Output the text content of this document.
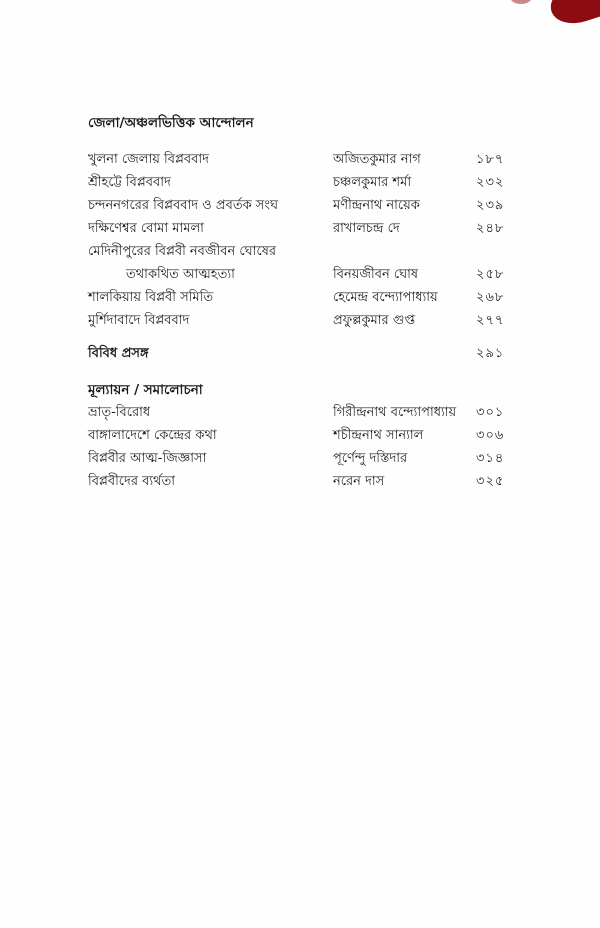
জেলা/অঞ্চলভিত্তিক আন্দোলন
খুলনা জেলায় বিপ্লববাদ	অজিতকুমার নাগ	১৮৭
শ্রীহট্টে বিপ্লববাদ	চঞ্চলকুমার শর্মা	২৩২
চন্দননগরের বিপ্লববাদ ও প্রবর্তক সংঘ	মণীন্দ্রনাথ নায়েক	২৩৯
দক্ষিণেশ্বর বোমা মামলা	রাখালচন্দ্র দে	২৪৮
মেদিনীপুরের বিপ্লবী নবজীবন ঘোষের
তথাকথিত আত্মহত্যা	বিনয়জীবন ঘোষ	২৫৮
শালকিয়ায় বিপ্লবী সমিতি	হেমেন্দ্র বন্দ্যোপাধ্যায়	২৬৮
মুর্শিদাবাদে বিপ্লববাদ	প্রফুল্লকুমার গুপ্ত	২৭৭
বিবিধ প্রসঙ্গ	২৯১
মূল্যায়ন / সমালোচনা
ভ্রাতৃ-বিরোধ	গিরীন্দ্রনাথ বন্দ্যোপাধ্যায় ৩০১
বাঙ্গালাদেশে কেন্দ্রের কথা	শচীন্দ্রনাথ সান্যাল	৩০৬
বিপ্লবীর আত্ম-জিজ্ঞাসা	পূর্ণেন্দু দস্তিদার	৩১৪
বিপ্লবীদের ব্যর্থতা	নরেন দাস	৩২৫
